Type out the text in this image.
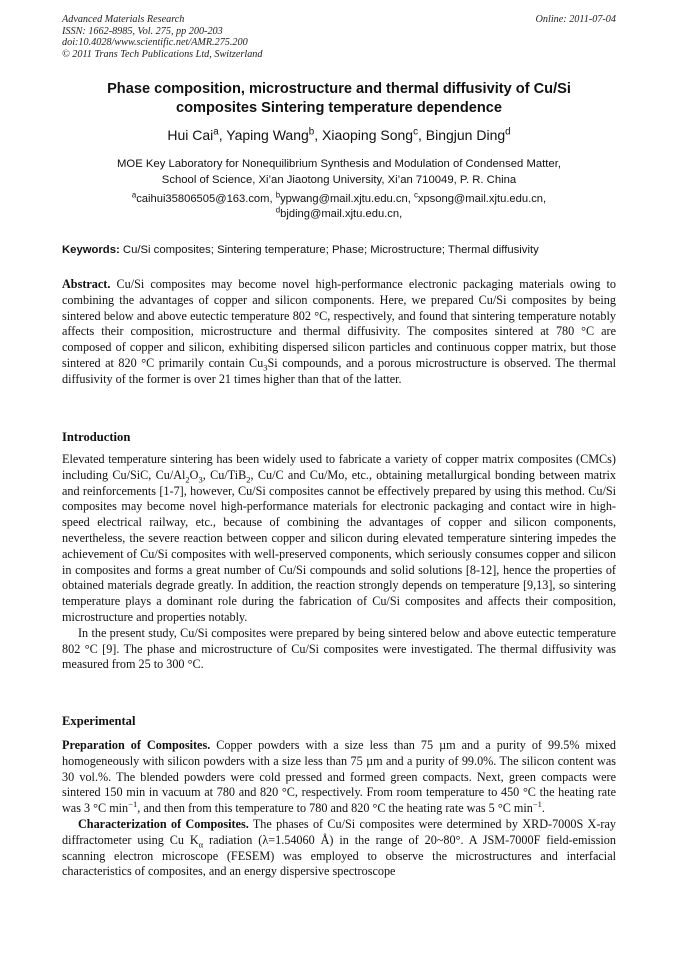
Advanced Materials Research
ISSN: 1662-8985, Vol. 275, pp 200-203
doi:10.4028/www.scientific.net/AMR.275.200
© 2011 Trans Tech Publications Ltd, Switzerland
Online: 2011-07-04
Phase composition, microstructure and thermal diffusivity of Cu/Si
composites Sintering temperature dependence
Hui Cai$^a$, Yaping Wang$^b$, Xiaoping Song$^c$, Bingjun Ding$^d$
MOE Key Laboratory for Nonequilibrium Synthesis and Modulation of Condensed Matter,
School of Science, Xi’an Jiaotong University, Xi’an 710049, P. R. China
$^a$caihui35806505@163.com, $^b$ypwang@mail.xjtu.edu.cn, $^c$xpsong@mail.xjtu.edu.cn,
$^d$bjding@mail.xjtu.edu.cn,
Keywords: Cu/Si composites; Sintering temperature; Phase; Microstructure; Thermal diffusivity

Abstract. Cu/Si composites may become novel high-performance electronic packaging materials owing to combining the advantages of copper and silicon components. Here, we prepared Cu/Si composites by being sintered below and above eutectic temperature 802 °C, respectively, and found that sintering temperature notably affects their composition, microstructure and thermal diffusivity. The composites sintered at 780 °C are composed of copper and silicon, exhibiting dispersed silicon particles and continuous copper matrix, but those sintered at 820 °C primarily contain $Cu_3Si$ compounds, and a porous microstructure is observed. The thermal diffusivity of the former is over 21 times higher than that of the latter.

Introduction

Elevated temperature sintering has been widely used to fabricate a variety of copper matrix composites (CMCs) including Cu/SiC, $Cu/Al_2O_3$, Cu/TiB$_2$, Cu/C and Cu/Mo, etc., obtaining metallurgical bonding between matrix and reinforcements [1-7], however, Cu/Si composites cannot be effectively prepared by using this method. Cu/Si composites may become novel high-performance materials for electronic packaging and contact wire in high-speed electrical railway, etc., because of combining the advantages of copper and silicon components, nevertheless, the severe reaction between copper and silicon during elevated temperature sintering impedes the achievement of Cu/Si composites with well-preserved components, which seriously consumes copper and silicon in composites and forms a great number of Cu/Si compounds and solid solutions [8-12], hence the properties of obtained materials degrade greatly. In addition, the reaction strongly depends on temperature [9,13], so sintering temperature plays a dominant role during the fabrication of Cu/Si composites and affects their composition, microstructure and properties notably.

In the present study, Cu/Si composites were prepared by being sintered below and above eutectic temperature 802 °C [9]. The phase and microstructure of Cu/Si composites were investigated. The thermal diffusivity was measured from 25 to 300 °C.

Experimental

Preparation of Composites. Copper powders with a size less than 75 µm and a purity of 99.5% mixed homogeneously with silicon powders with a size less than 75 µm and a purity of 99.0%. The silicon content was 30 vol.%. The blended powders were cold pressed and formed green compacts. Next, green compacts were sintered 150 min in vacuum at 780 and 820 °C, respectively. From room temperature to 450 °C the heating rate was 3 °C $\min^{-1}$, and then from this temperature to 780 and 820 °C the heating rate was 5 °C $\min^{-1}$.

Characterization of Composites. The phases of Cu/Si composites were determined by XRD-7000S X-ray diffractometer using Cu $K_\alpha$ radiation (λ=1.54060 Å) in the range of 20~80°. A JSM-7000F field-emission scanning electron microscope (FESEM) was employed to observe the microstructures and interfacial characteristics of composites, and an energy dispersive spectroscope
